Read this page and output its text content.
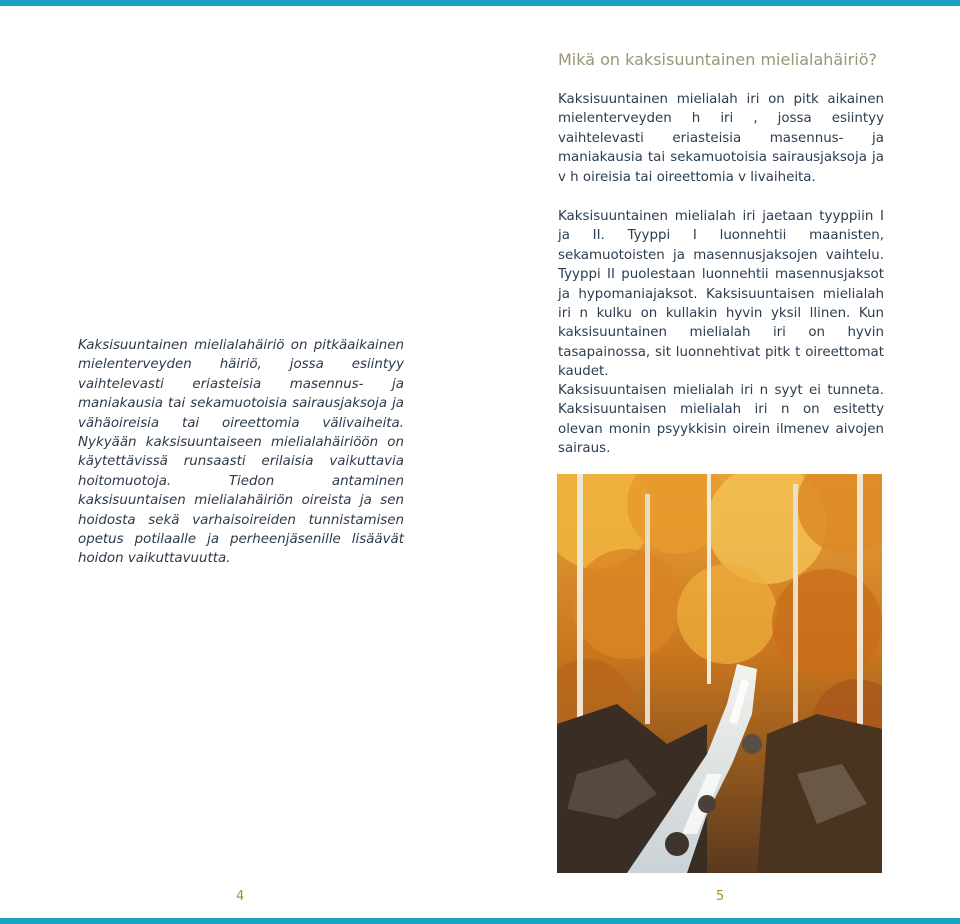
Kaksisuuntainen mielialahäiriö on pitkäaikainen mielenterveyden häiriö, jossa esiintyy vaihtelevasti eriasteisia masennus- ja maniakausia tai sekamuotoisia sairausjaksoja ja vähäoireisia tai oireettomia välivaiheita. Nykyään kaksisuuntaiseen mielialahäiriöön on käytettävissä runsaasti erilaisia vaikuttavia hoitomuotoja. Tiedon antaminen kaksisuuntaisen mielialahäiriön oireista ja sen hoidosta sekä varhaisoireiden tunnistamisen opetus potilaalle ja perheenjäsenille lisäävät hoidon vaikuttavuutta.

Mikä on kaksisuuntainen mielialahäiriö?

Kaksisuuntainen mielialah iri on pitk aikainen mielenterveyden h iri , jossa esiintyy vaihtelevasti eriasteisia masennus- ja maniakausia tai sekamuotoisia sairausjaksoja ja v h oireisia tai oireettomia v livaiheita.

Kaksisuuntainen mielialah iri jaetaan tyyppiin I ja II. Tyyppi I luonnehtii maanisten, sekamuotoisten ja masennusjaksojen vaihtelu. Tyyppi II puolestaan luonnehtii masennusjaksot ja hypomaniajaksot. Kaksisuuntaisen mielialah iri n kulku on kullakin hyvin yksil llinen. Kun kaksisuuntainen mielialah iri on hyvin tasapainossa, sit luonnehtivat pitk t oireettomat kaudet.

Kaksisuuntaisen mielialah iri n syyt ei tunneta. Kaksisuuntaisen mielialah iri n on esitetty olevan monin psyykkisin oirein ilmenev aivojen sairaus.

4	5
